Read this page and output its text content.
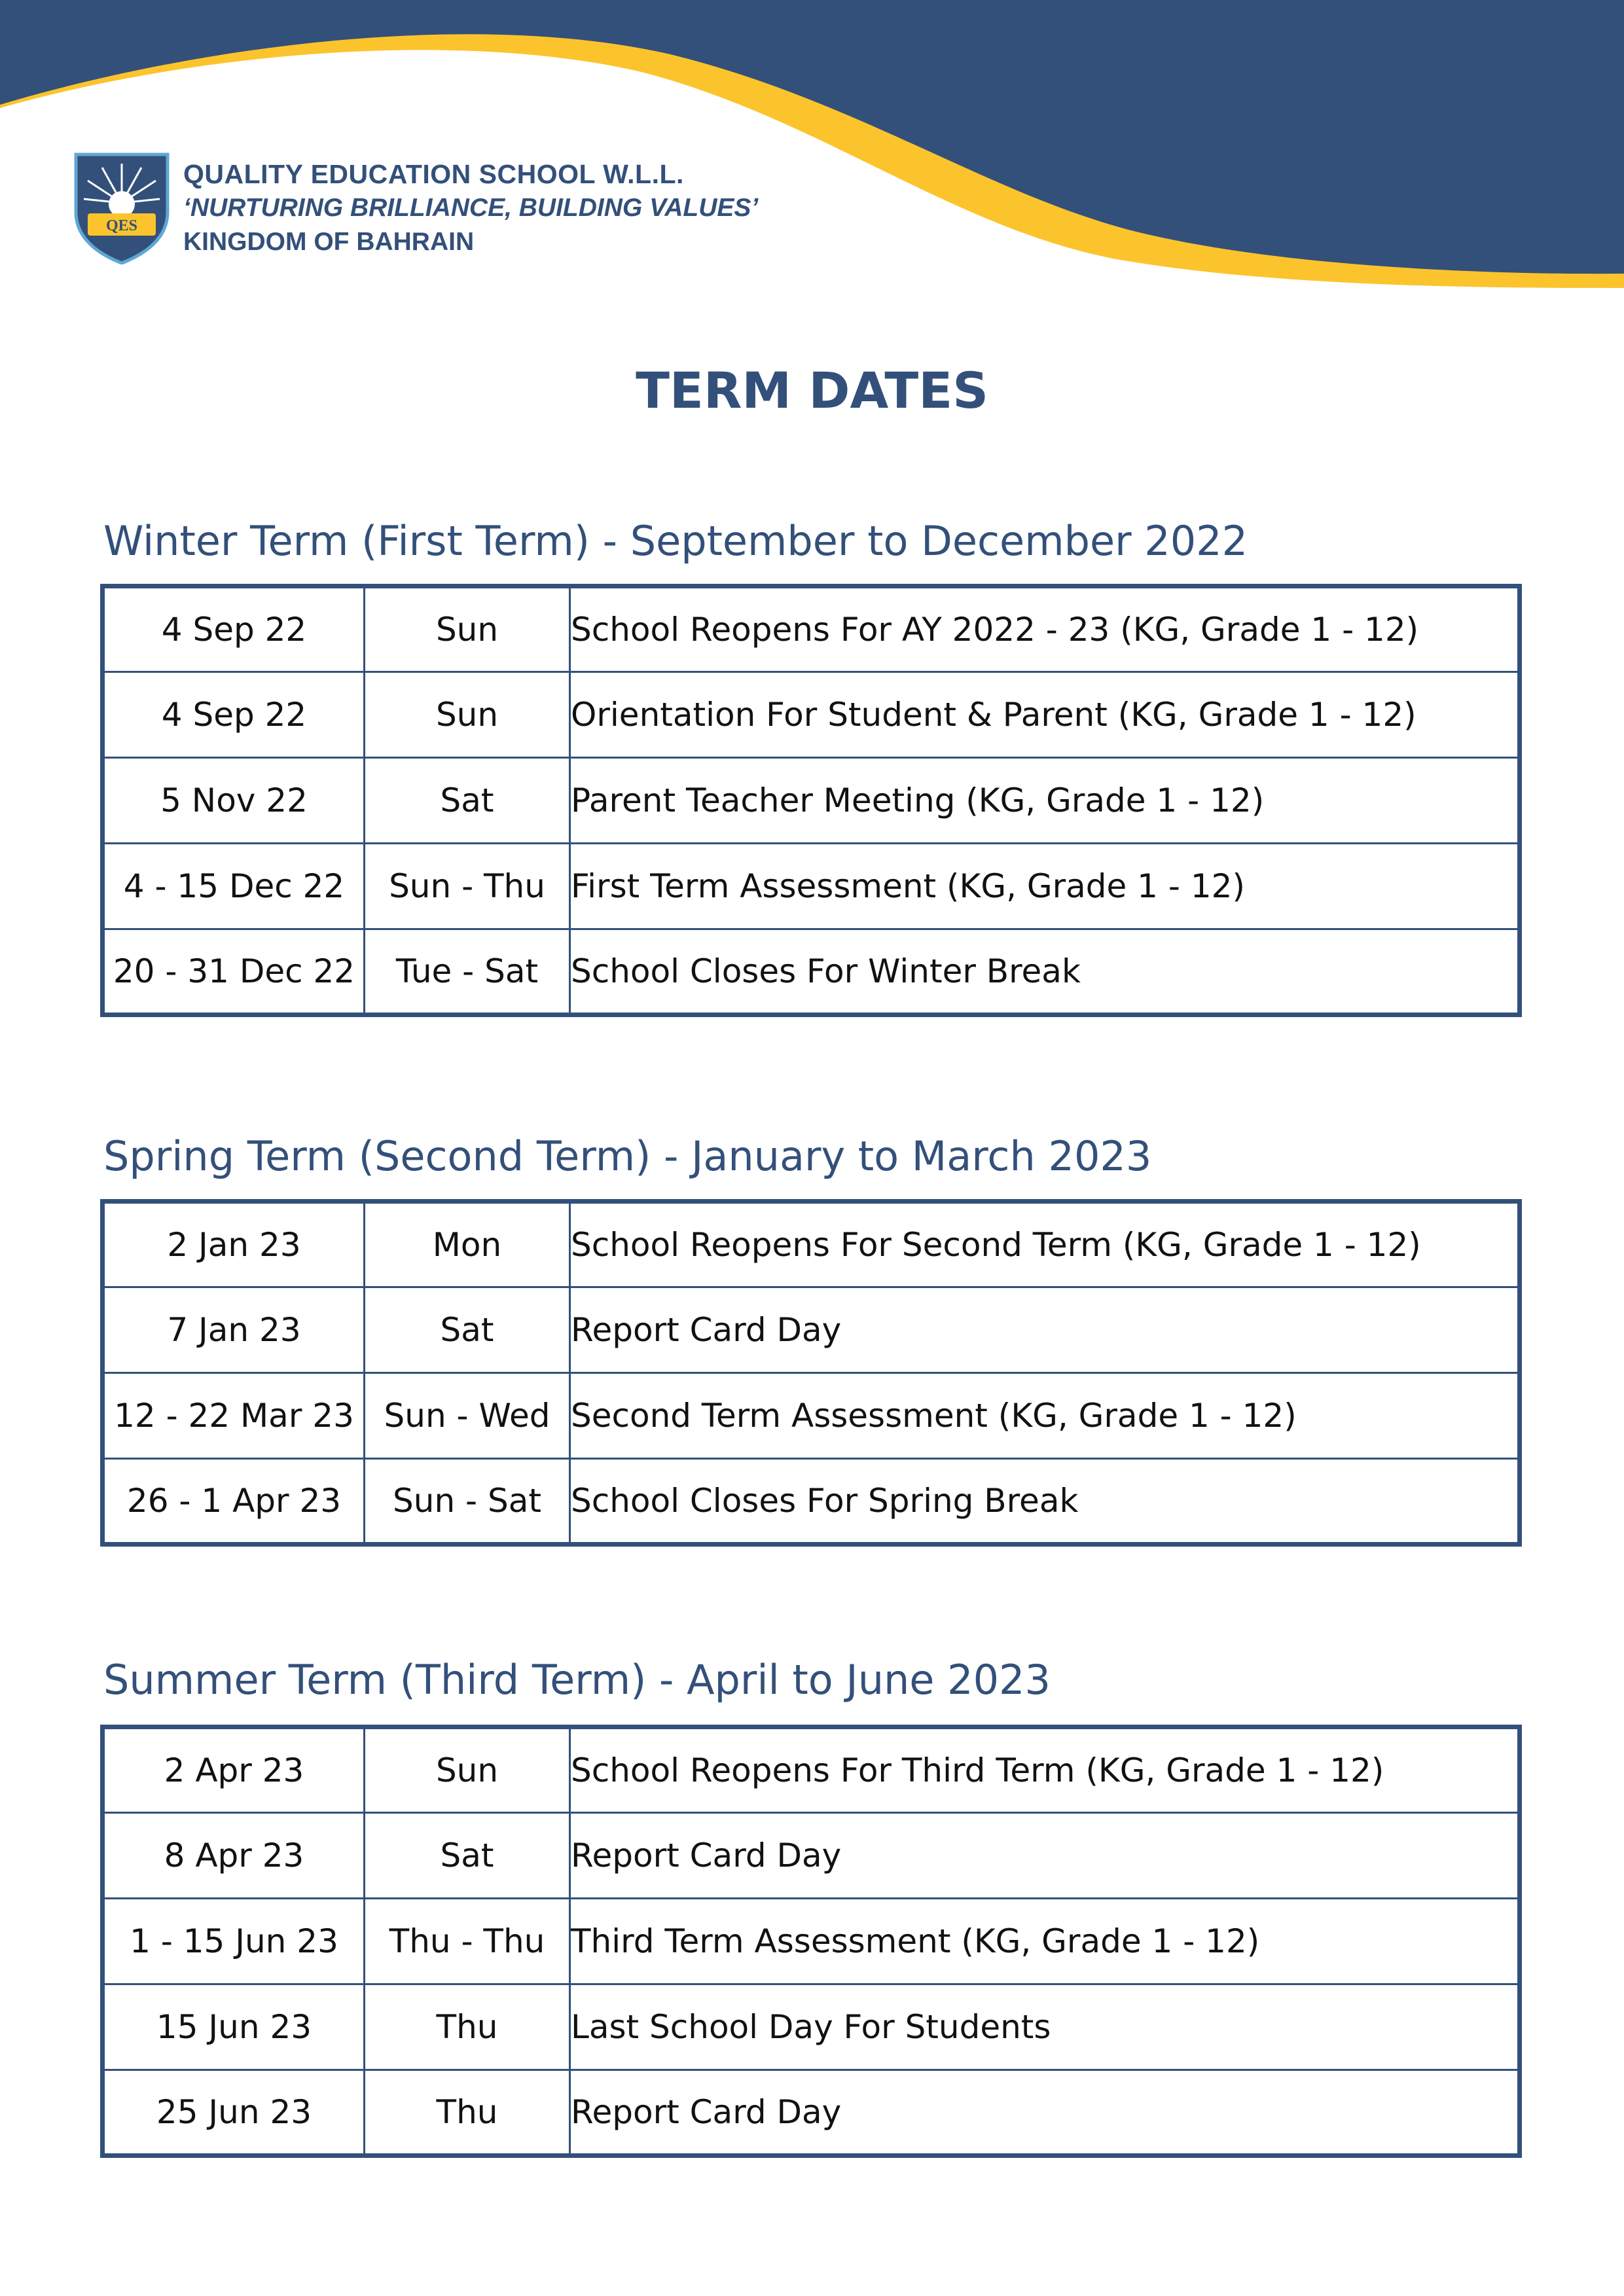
QES
QUALITY EDUCATION SCHOOL W.L.L.
‘NURTURING BRILLIANCE, BUILDING VALUES’
KINGDOM OF BAHRAIN
TERM DATES
Winter Term (First Term) - September to December 2022
4 Sep 22	Sun	School Reopens For AY 2022 - 23 (KG, Grade 1 - 12)
4 Sep 22	Sun	Orientation For Student & Parent (KG, Grade 1 - 12)
5 Nov 22	Sat	Parent Teacher Meeting (KG, Grade 1 - 12)
4 - 15 Dec 22	Sun - Thu	First Term Assessment (KG, Grade 1 - 12)
20 - 31 Dec 22	Tue - Sat	School Closes For Winter Break
Spring Term (Second Term) - January to March 2023
2 Jan 23	Mon	School Reopens For Second Term (KG, Grade 1 - 12)
7 Jan 23	Sat	Report Card Day
12 - 22 Mar 23	Sun - Wed	Second Term Assessment (KG, Grade 1 - 12)
26 - 1 Apr 23	Sun - Sat	School Closes For Spring Break
Summer Term (Third Term) - April to June 2023
2 Apr 23	Sun	School Reopens For Third Term (KG, Grade 1 - 12)
8 Apr 23	Sat	Report Card Day
1 - 15 Jun 23	Thu - Thu	Third Term Assessment (KG, Grade 1 - 12)
15 Jun 23	Thu	Last School Day For Students
25 Jun 23	Thu	Report Card Day
